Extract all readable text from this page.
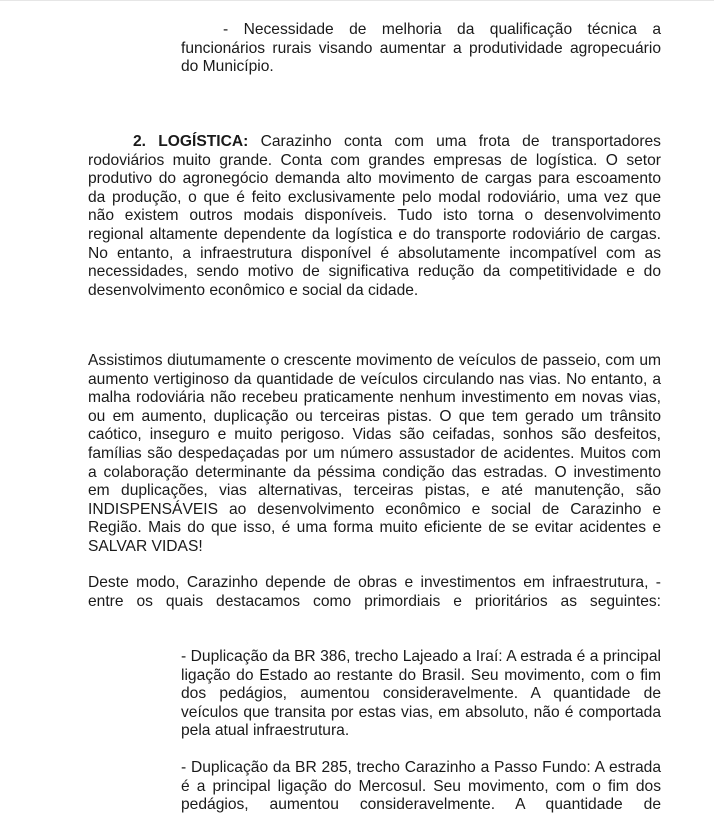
- Necessidade de melhoria da qualificação técnica a funcionários rurais visando aumentar a produtividade agropecuário do Município.

2. LOGÍSTICA: Carazinho conta com uma frota de transportadores rodoviários muito grande. Conta com grandes empresas de logística. O setor produtivo do agronegócio demanda alto movimento de cargas para escoamento da produção, o que é feito exclusivamente pelo modal rodoviário, uma vez que não existem outros modais disponíveis. Tudo isto torna o desenvolvimento regional altamente dependente da logística e do transporte rodoviário de cargas. No entanto, a infraestrutura disponível é absolutamente incompatível com as necessidades, sendo motivo de significativa redução da competitividade e do desenvolvimento econômico e social da cidade.

Assistimos diutumamente o crescente movimento de veículos de passeio, com um aumento vertiginoso da quantidade de veículos circulando nas vias. No entanto, a malha rodoviária não recebeu praticamente nenhum investimento em novas vias, ou em aumento, duplicação ou terceiras pistas. O que tem gerado um trânsito caótico, inseguro e muito perigoso. Vidas são ceifadas, sonhos são desfeitos, famílias são despedaçadas por um número assustador de acidentes. Muitos com a colaboração determinante da péssima condição das estradas. O investimento em duplicações, vias alternativas, terceiras pistas, e até manutenção, são INDISPENSÁVEIS ao desenvolvimento econômico e social de Carazinho e Região. Mais do que isso, é uma forma muito eficiente de se evitar acidentes e SALVAR VIDAS!

Deste modo, Carazinho depende de obras e investimentos em infraestrutura, - entre os quais destacamos como primordiais e prioritários as seguintes:

- Duplicação da BR 386, trecho Lajeado a Iraí: A estrada é a principal ligação do Estado ao restante do Brasil. Seu movimento, com o fim dos pedágios, aumentou consideravelmente. A quantidade de veículos que transita por estas vias, em absoluto, não é comportada pela atual infraestrutura.

- Duplicação da BR 285, trecho Carazinho a Passo Fundo: A estrada é a principal ligação do Mercosul. Seu movimento, com o fim dos pedágios, aumentou consideravelmente. A quantidade de
